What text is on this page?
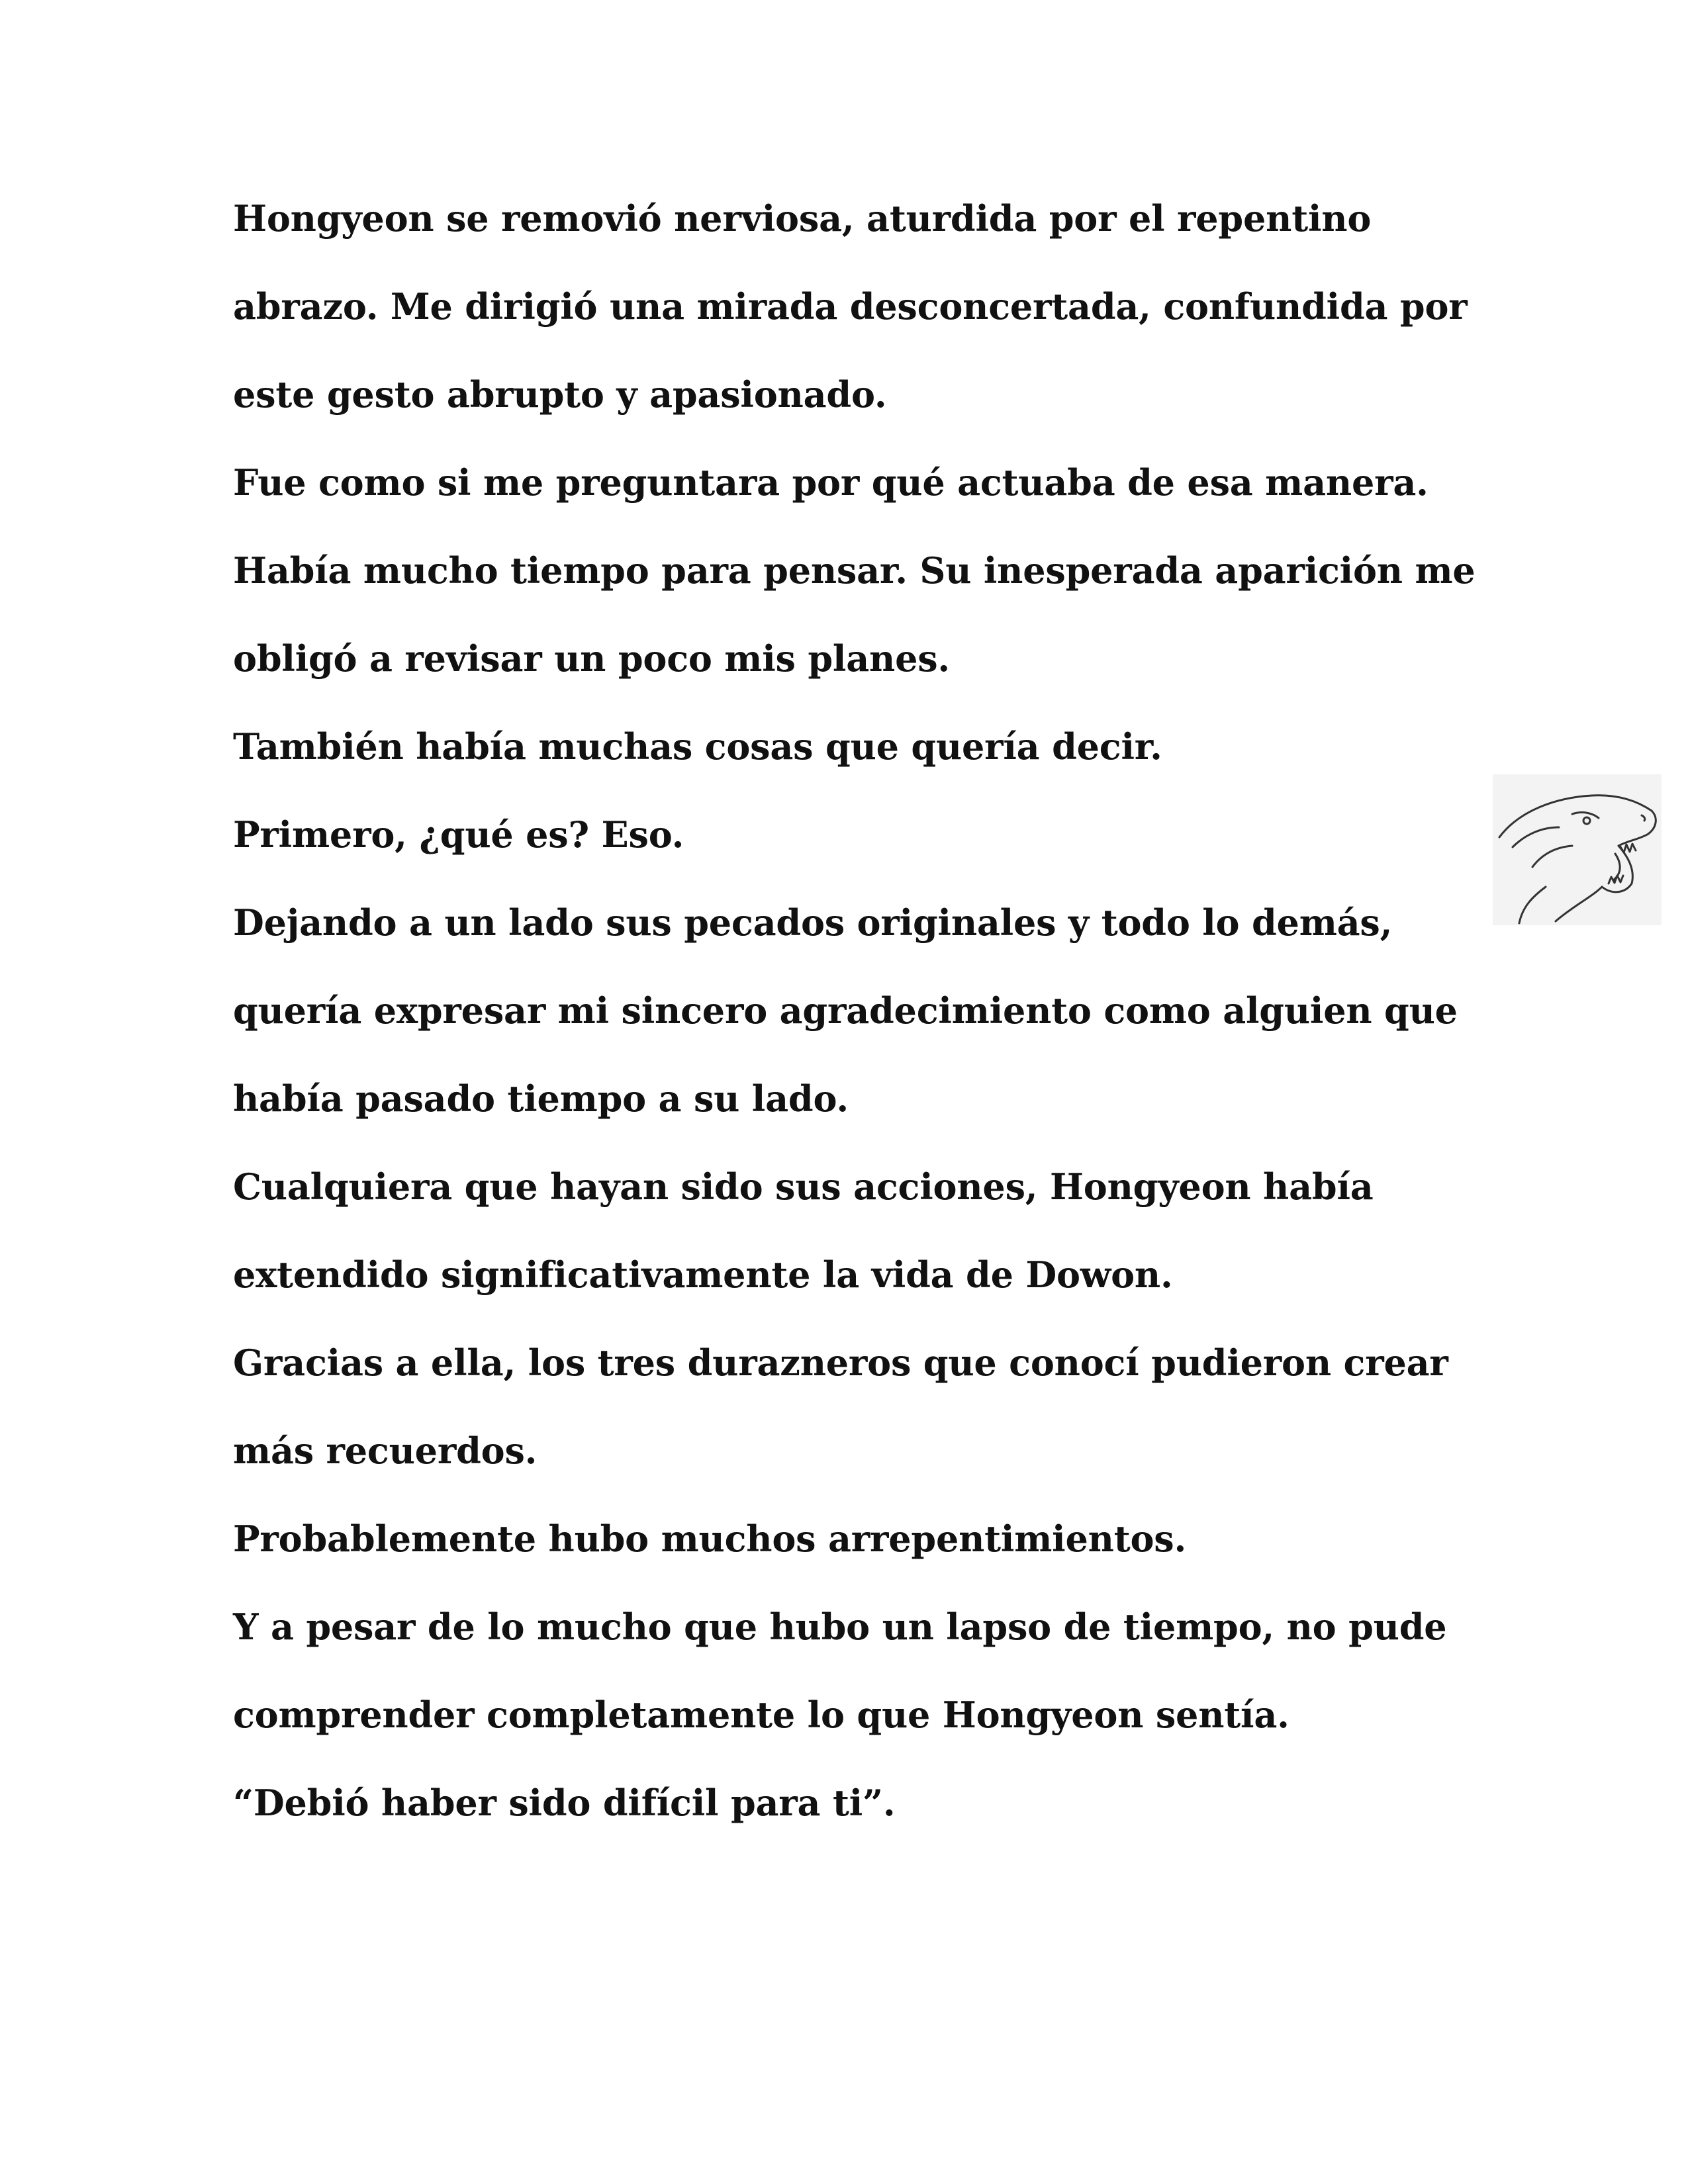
Hongyeon se removió nerviosa, aturdida por el repentino
abrazo. Me dirigió una mirada desconcertada, confundida por
este gesto abrupto y apasionado.
Fue como si me preguntara por qué actuaba de esa manera.
Había mucho tiempo para pensar. Su inesperada aparición me
obligó a revisar un poco mis planes.
También había muchas cosas que quería decir.
Primero, ¿qué es? Eso.
Dejando a un lado sus pecados originales y todo lo demás,
quería expresar mi sincero agradecimiento como alguien que
había pasado tiempo a su lado.
Cualquiera que hayan sido sus acciones, Hongyeon había
extendido significativamente la vida de Dowon.
Gracias a ella, los tres durazneros que conocí pudieron crear
más recuerdos.
Probablemente hubo muchos arrepentimientos.
Y a pesar de lo mucho que hubo un lapso de tiempo, no pude
comprender completamente lo que Hongyeon sentía.
“Debió haber sido difícil para ti”.
